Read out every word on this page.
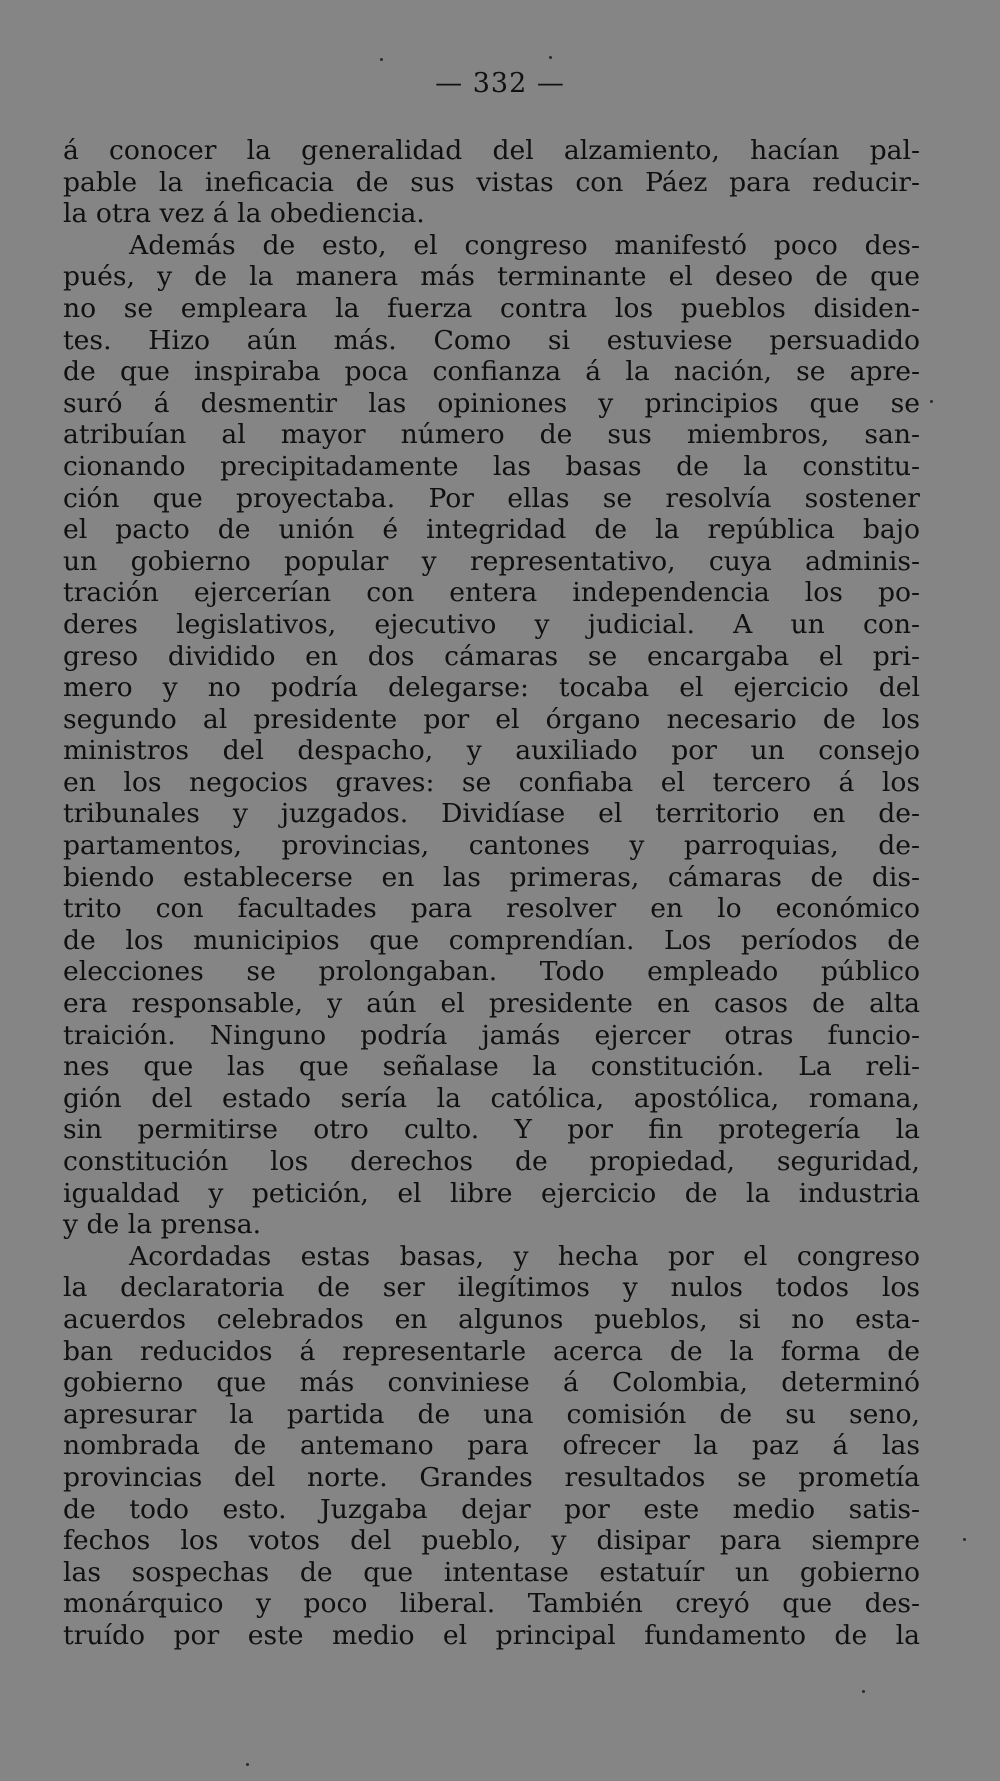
— 332 —
á conocer la generalidad del alzamiento, hacían pal-
pable la ineficacia de sus vistas con Páez para reducir-
la otra vez á la obediencia.
Además de esto, el congreso manifestó poco des-
pués, y de la manera más terminante el deseo de que
no se empleara la fuerza contra los pueblos disiden-
tes. Hizo aún más. Como si estuviese persuadido
de que inspiraba poca confianza á la nación, se apre-
suró á desmentir las opiniones y principios que se
atribuían al mayor número de sus miembros, san-
cionando precipitadamente las basas de la constitu-
ción que proyectaba. Por ellas se resolvía sostener
el pacto de unión é integridad de la república bajo
un gobierno popular y representativo, cuya adminis-
tración ejercerían con entera independencia los po-
deres legislativos, ejecutivo y judicial. A un con-
greso dividido en dos cámaras se encargaba el pri-
mero y no podría delegarse: tocaba el ejercicio del
segundo al presidente por el órgano necesario de los
ministros del despacho, y auxiliado por un consejo
en los negocios graves: se confiaba el tercero á los
tribunales y juzgados. Dividíase el territorio en de-
partamentos, provincias, cantones y parroquias, de-
biendo establecerse en las primeras, cámaras de dis-
trito con facultades para resolver en lo económico
de los municipios que comprendían. Los períodos de
elecciones se prolongaban. Todo empleado público
era responsable, y aún el presidente en casos de alta
traición. Ninguno podría jamás ejercer otras funcio-
nes que las que señalase la constitución. La reli-
gión del estado sería la católica, apostólica, romana,
sin permitirse otro culto. Y por fin protegería la
constitución los derechos de propiedad, seguridad,
igualdad y petición, el libre ejercicio de la industria
y de la prensa.
Acordadas estas basas, y hecha por el congreso
la declaratoria de ser ilegítimos y nulos todos los
acuerdos celebrados en algunos pueblos, si no esta-
ban reducidos á representarle acerca de la forma de
gobierno que más conviniese á Colombia, determinó
apresurar la partida de una comisión de su seno,
nombrada de antemano para ofrecer la paz á las
provincias del norte. Grandes resultados se prometía
de todo esto. Juzgaba dejar por este medio satis-
fechos los votos del pueblo, y disipar para siempre
las sospechas de que intentase estatuír un gobierno
monárquico y poco liberal. También creyó que des-
truído por este medio el principal fundamento de la
